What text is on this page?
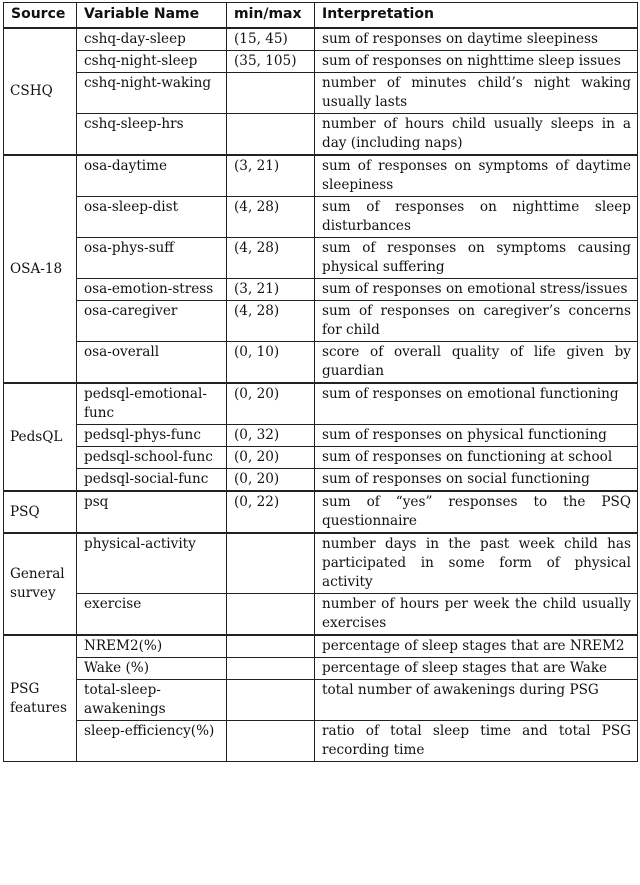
Source	Variable Name	min/max	Interpretation
CSHQ	cshq-day-sleep	(15, 45)	sum of responses on daytime sleepiness
	cshq-night-sleep	(35, 105)	sum of responses on nighttime sleep issues
	cshq-night-waking		number of minutes child’s night waking usually lasts
	cshq-sleep-hrs		number of hours child usually sleeps in a day (including naps)
OSA-18	osa-daytime	(3, 21)	sum of responses on symptoms of daytime sleepiness
	osa-sleep-dist	(4, 28)	sum of responses on nighttime sleep disturbances
	osa-phys-suff	(4, 28)	sum of responses on symptoms causing physical suffering
	osa-emotion-stress	(3, 21)	sum of responses on emotional stress/issues
	osa-caregiver	(4, 28)	sum of responses on caregiver’s concerns for child
	osa-overall	(0, 10)	score of overall quality of life given by guardian
PedsQL	pedsql-emotional-func	(0, 20)	sum of responses on emotional functioning
	pedsql-phys-func	(0, 32)	sum of responses on physical functioning
	pedsql-school-func	(0, 20)	sum of responses on functioning at school
	pedsql-social-func	(0, 20)	sum of responses on social functioning
PSQ	psq	(0, 22)	sum of “yes” responses to the PSQ questionnaire
General survey	physical-activity		number days in the past week child has participated in some form of physical activity
	exercise		number of hours per week the child usually exercises
PSG features	NREM2(%)		percentage of sleep stages that are NREM2
	Wake (%)		percentage of sleep stages that are Wake
	total-sleep-awakenings		total number of awakenings during PSG
	sleep-efficiency(%)		ratio of total sleep time and total PSG recording time
